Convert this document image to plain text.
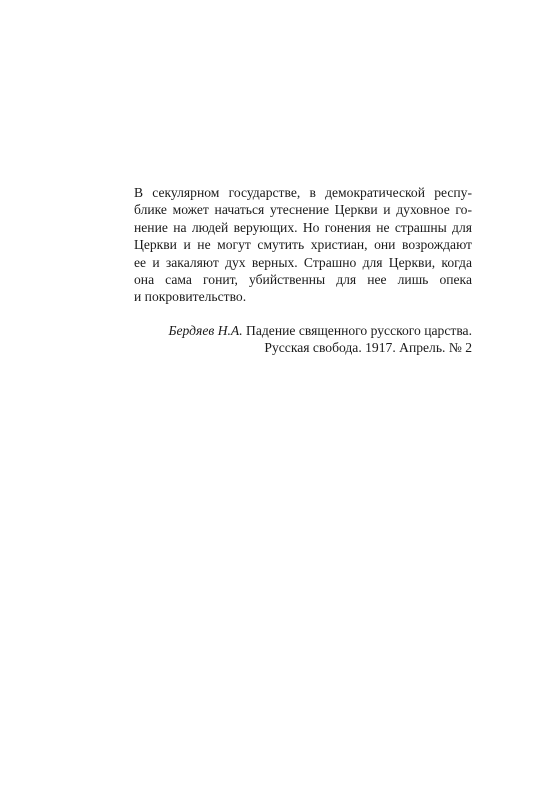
В секулярном государстве, в демократической респу-
блике может начаться утеснение Церкви и духовное го-
нение на людей верующих. Но гонения не страшны для
Церкви и не могут смутить христиан, они возрождают
ее и закаляют дух верных. Страшно для Церкви, когда
она сама гонит, убийственны для нее лишь опека
и покровительство.

Бердяев Н.А. Падение священного русского царства.
Русская свобода. 1917. Апрель. № 2
